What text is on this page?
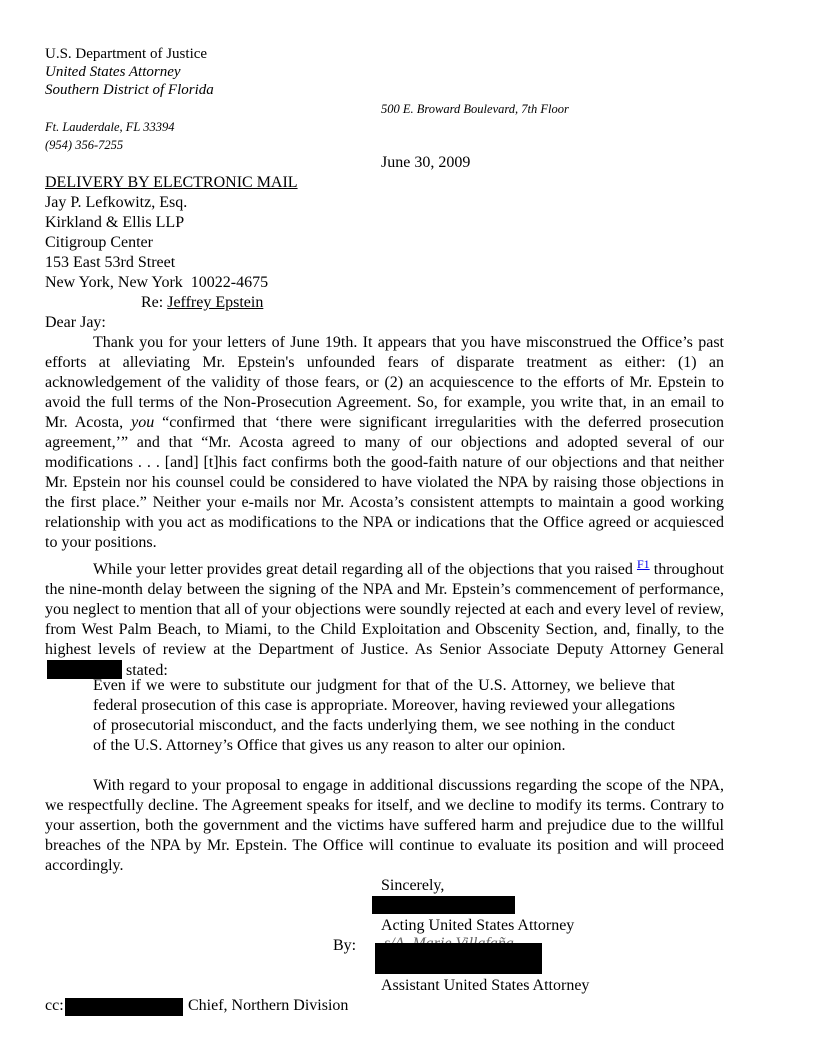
U.S. Department of Justice
United States Attorney
Southern District of Florida
500 E. Broward Boulevard, 7th Floor
Ft. Lauderdale, FL 33394
(954) 356-7255
June 30, 2009
DELIVERY BY ELECTRONIC MAIL
Jay P. Lefkowitz, Esq.
Kirkland & Ellis LLP
Citigroup Center
153 East 53rd Street
New York, New York  10022-4675
Re: Jeffrey Epstein
Dear Jay:
Thank you for your letters of June 19th. It appears that you have misconstrued the Office’s past efforts at alleviating Mr. Epstein's unfounded fears of disparate treatment as either: (1) an acknowledgement of the validity of those fears, or (2) an acquiescence to the efforts of Mr. Epstein to avoid the full terms of the Non-Prosecution Agreement. So, for example, you write that, in an email to Mr. Acosta, you “confirmed that ‘there were significant irregularities with the deferred prosecution agreement,’” and that “Mr. Acosta agreed to many of our objections and adopted several of our modifications . . . [and] [t]his fact confirms both the good-faith nature of our objections and that neither Mr. Epstein nor his counsel could be considered to have violated the NPA by raising those objections in the first place.” Neither your e-mails nor Mr. Acosta’s consistent attempts to maintain a good working relationship with you act as modifications to the NPA or indications that the Office agreed or acquiesced to your positions.
While your letter provides great detail regarding all of the objections that you raised $^{F1}$ throughout the nine-month delay between the signing of the NPA and Mr. Epstein’s commencement of performance, you neglect to mention that all of your objections were soundly rejected at each and every level of review, from West Palm Beach, to Miami, to the Child Exploitation and Obscenity Section, and, finally, to the highest levels of review at the Department of Justice. As Senior Associate Deputy Attorney General stated:
Even if we were to substitute our judgment for that of the U.S. Attorney, we believe that federal prosecution of this case is appropriate. Moreover, having reviewed your allegations of prosecutorial misconduct, and the facts underlying them, we see nothing in the conduct of the U.S. Attorney’s Office that gives us any reason to alter our opinion.
With regard to your proposal to engage in additional discussions regarding the scope of the NPA, we respectfully decline. The Agreement speaks for itself, and we decline to modify its terms. Contrary to your assertion, both the government and the victims have suffered harm and prejudice due to the willful breaches of the NPA by Mr. Epstein. The Office will continue to evaluate its position and will proceed accordingly.
Sincerely,
Acting United States Attorney
By:
Assistant United States Attorney
cc:	Chief, Northern Division
